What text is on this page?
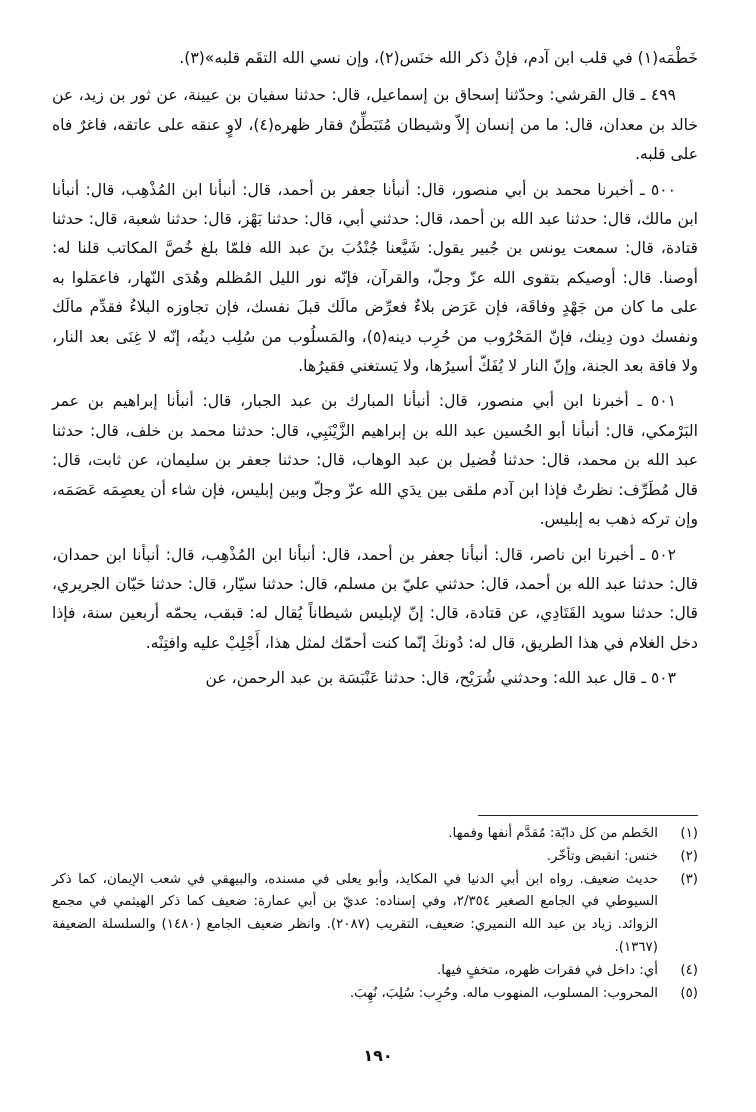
خَطْمَه(١) في قلب ابن آدم، فإنْ ذكر الله خنَس(٢)، وإن نسي الله التقَم قلبه»(٣).

٤٩٩ ـ قال القرشي: وحدّثنا إسحاق بن إسماعيل، قال: حدثنا سفيان بن عيينة، عن ثور بن زيد، عن خالد بن معدان، قال: ما من إنسان إلاّ وشيطان مُتَبَطِّنٌ فقار ظهره(٤)، لاوٍ عنقه على عاتقه، فاغرٌ فاه على قلبه.

٥٠٠ ـ أخبرنا محمد بن أبي منصور، قال: أنبأنا جعفر بن أحمد، قال: أنبأنا ابن المُذْهِب، قال: أنبأنا ابن مالك، قال: حدثنا عبد الله بن أحمد، قال: حدثني أبي، قال: حدثنا بَهْز، قال: حدثنا شعبة، قال: حدثنا قتادة، قال: سمعت يونس بن جُبير يقول: شَيَّعنا جُنْدُبَ بنَ عبد الله فلمّا بلغ خُصَّ المكاتب قلنا له: أوصنا. قال: أوصيكم بتقوى الله عزّ وجلّ، والقرآن، فإنّه نور الليل المُظلم وهُدَى النّهار، فاعمَلوا به على ما كان من جَهْدٍ وفاقَة، فإن عَرَض بلاءٌ فعرِّض مالَك قبلَ نفسك، فإن تجاوزه البلاءُ فقدِّم مالَك ونفسك دون دِينك، فإنّ المَحْرُوب من حُرِب دينه(٥)، والمَسلُوب من سُلِب دينُه، إنّه لا غِنَى بعد النار، ولا فاقة بعد الجنة، وإنّ النار لا يُفَكّ أسيرُها، ولا يَستغني فقيرُها.

٥٠١ ـ أخبرنا ابن أبي منصور، قال: أنبأنا المبارك بن عبد الجبار، قال: أنبأنا إبراهيم بن عمر البَرْمكي، قال: أنبأنا أبو الحُسين عبد الله بن إبراهيم الزَّيْنَبِي، قال: حدثنا محمد بن خلف، قال: حدثنا عبد الله بن محمد، قال: حدثنا فُضيل بن عبد الوهاب، قال: حدثنا جعفر بن سليمان، عن ثابت، قال: قال مُطَرِّف: نظرتُ فإذا ابن آدم ملقى بين يدَي الله عزّ وجلّ وبين إبليس، فإن شاء أن يعصِمَه عَصَمَه، وإن تركه ذهب به إبليس.

٥٠٢ ـ أخبرنا ابن ناصر، قال: أنبأنا جعفر بن أحمد، قال: أنبأنا ابن المُذْهِب، قال: أنبأنا ابن حمدان، قال: حدثنا عبد الله بن أحمد، قال: حدثني عليّ بن مسلم، قال: حدثنا سيّار، قال: حدثنا حَيّان الجريري، قال: حدثنا سويد القَتَادِي، عن قتادة، قال: إنّ لإبليس شيطاناً يُقال له: قبقب، يحمّه أربعين سنة، فإذا دخل الغلام في هذا الطريق، قال له: دُونكَ إنّما كنت أحمّك لمثل هذا، أَجْلِبْ عليه وافتِنْه.

٥٠٣ ـ قال عبد الله: وحدثني شُرَيْح، قال: حدثنا عَنْبَسَة بن عبد الرحمن، عن

(١)
الخَطم من كل دابّة: مُقدَّم أنفها وفمها.
(٢)
خنس: انقبض وتأخّر.
(٣)
حديث ضعيف. رواه ابن أبي الدنيا في المكايد، وأبو يعلى في مسنده، والبيهقي في شعب الإيمان، كما ذكر السيوطي في الجامع الصغير ٢/٣٥٤، وفي إسناده: عديّ بن أبي عمارة: ضعيف كما ذكر الهيثمي في مجمع الزوائد. زياد بن عبد الله النميري: ضعيف، التقريب (٢٠٨٧). وانظر ضعيف الجامع (١٤٨٠) والسلسلة الضعيفة (١٣٦٧).
(٤)
أي: داخل في فقرات ظهره، متخفٍ فيها.
(٥)
المحروب: المسلوب، المنهوب ماله. وحُرِب: سُلِبَ، نُهِبَ.
١٩٠
